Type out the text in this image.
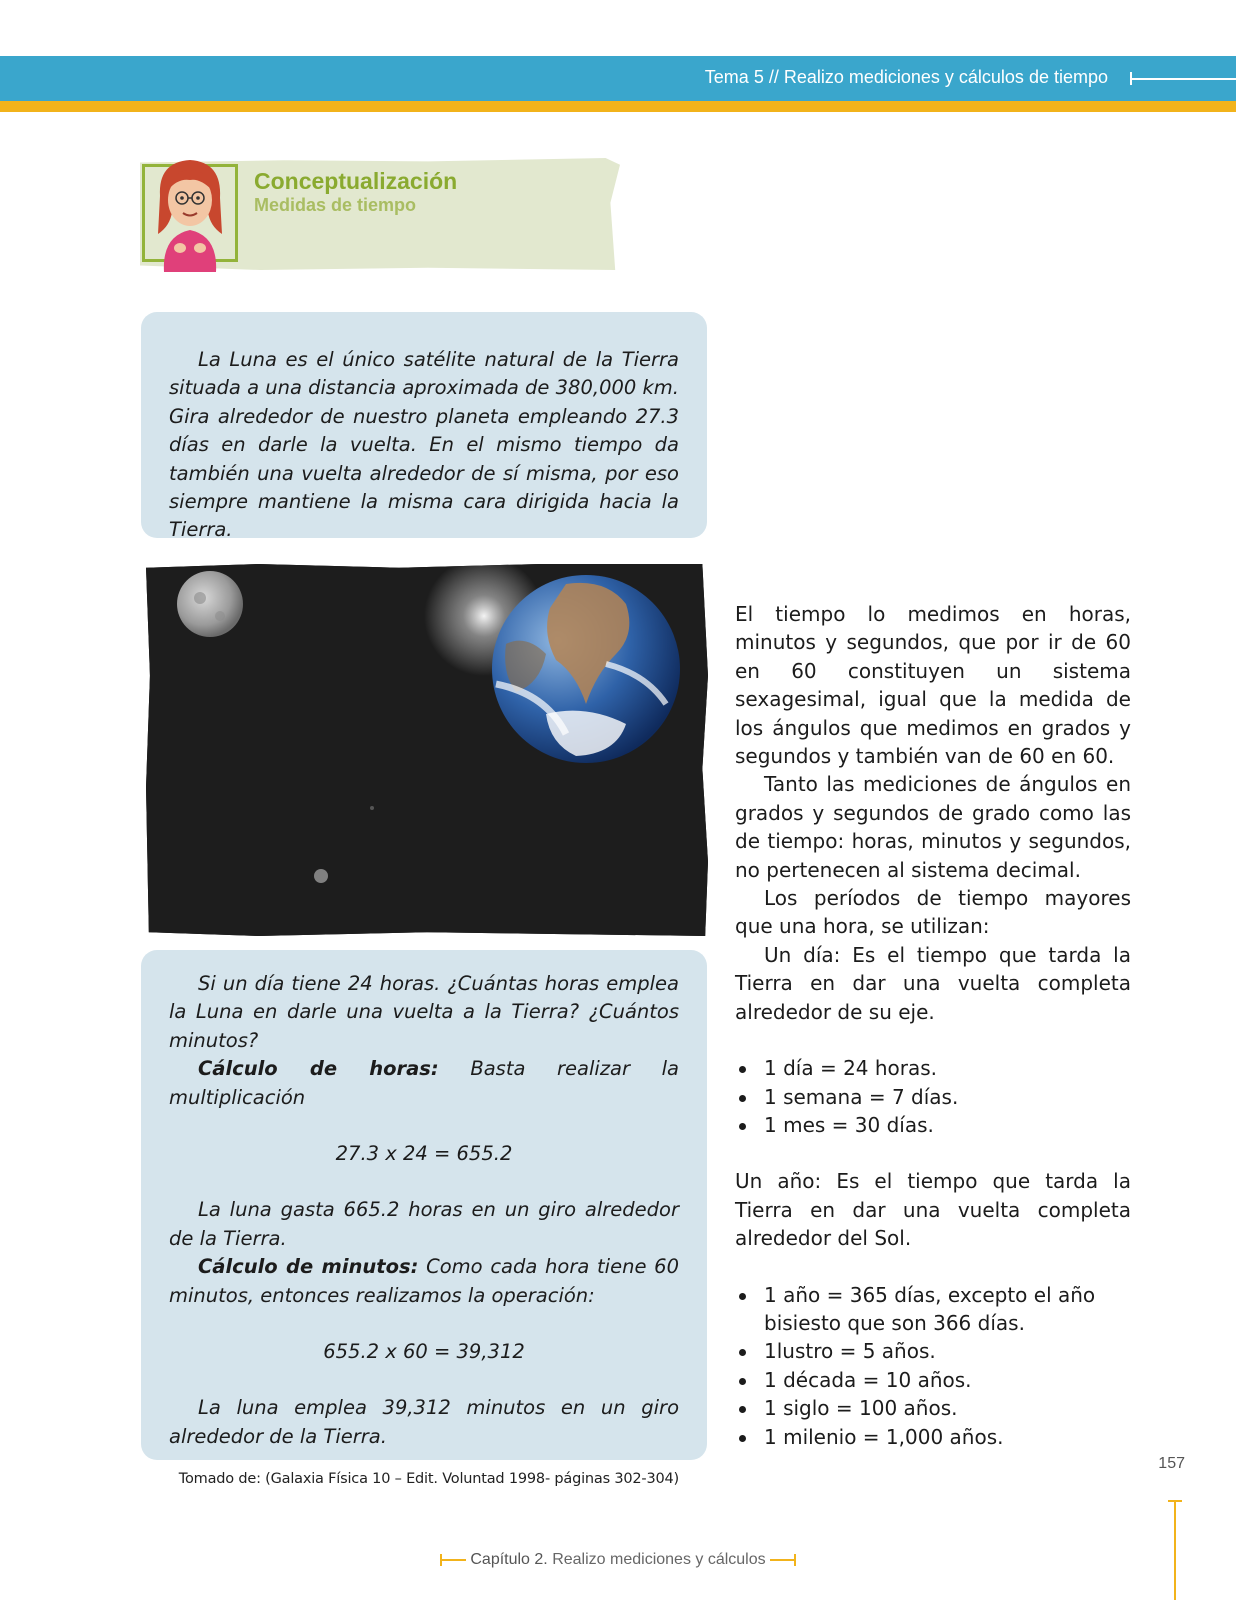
Tema 5 // Realizo mediciones y cálculos de tiempo
Conceptualización
Medidas de tiempo

La Luna es el único satélite natural de la Tierra situada a una distancia aproximada de 380,000 km. Gira alrededor de nuestro planeta empleando 27.3 días en darle la vuelta. En el mismo tiempo da también una vuelta alrededor de sí misma, por eso siempre mantiene la misma cara dirigida hacia la Tierra.

Si un día tiene 24 horas. ¿Cuántas horas emplea la Luna en darle una vuelta a la Tierra? ¿Cuántos minutos?

Cálculo de horas: Basta realizar la multiplicación

27.3 x 24 = 655.2

La luna gasta 665.2 horas en un giro alrededor de la Tierra.

Cálculo de minutos: Como cada hora tiene 60 minutos, entonces realizamos la operación:

655.2 x 60 = 39,312

La luna emplea 39,312 minutos en un giro alrededor de la Tierra.

Tomado de: (Galaxia Física 10 – Edit. Voluntad 1998- páginas 302-304)

El tiempo lo medimos en horas, minutos y segundos, que por ir de 60 en 60 constituyen un sistema sexagesimal, igual que la medida de los ángulos que medimos en grados y segundos y también van de 60 en 60.

Tanto las mediciones de ángulos en grados y segundos de grado como las de tiempo: horas, minutos y segundos, no pertenecen al sistema decimal.

Los períodos de tiempo mayores que una hora, se utilizan:

Un día: Es el tiempo que tarda la Tierra en dar una vuelta completa alrededor de su eje.

1 día = 24 horas.
1 semana = 7 días.
1 mes = 30 días.

Un año: Es el tiempo que tarda la Tierra en dar una vuelta completa alrededor del Sol.

1 año = 365 días, excepto el año bisiesto que son 366 días.
1lustro = 5 años.
1 década = 10 años.
1 siglo = 100 años.
1 milenio = 1,000 años.
157
Capítulo 2. Realizo mediciones y cálculos
